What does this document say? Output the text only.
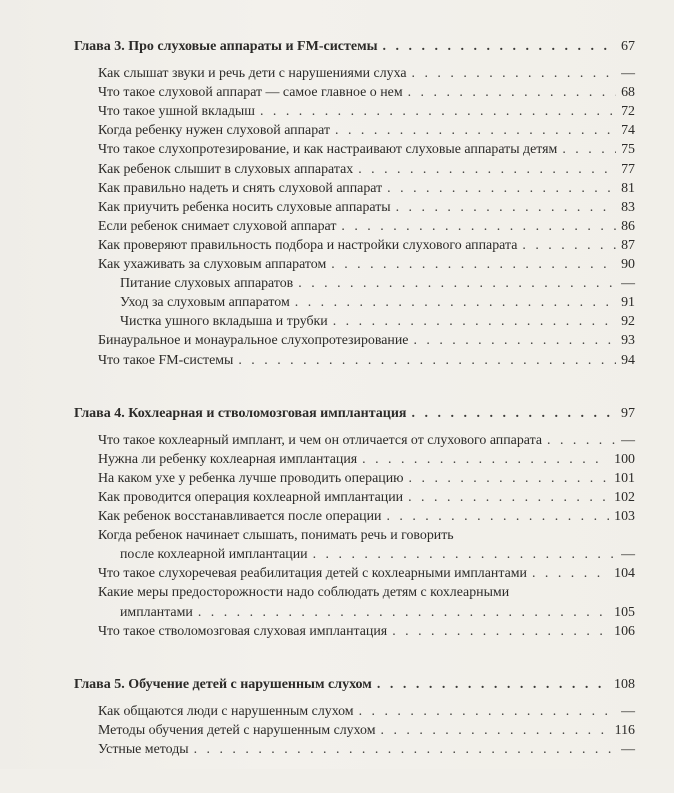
Глава 3. Про слуховые аппараты и FM-системы . . .	67
Как слышат звуки и речь дети с нарушениями слуха . . .	—
Что такое слуховой аппарат — самое главное о нем . . .	68
Что такое ушной вкладыш . . .	72
Когда ребенку нужен слуховой аппарат . . .	74
Что такое слухопротезирование, и как настраивают слуховые аппараты детям . . .	75
Как ребенок слышит в слуховых аппаратах . . .	77
Как правильно надеть и снять слуховой аппарат . . .	81
Как приучить ребенка носить слуховые аппараты . . .	83
Если ребенок снимает слуховой аппарат . . .	86
Как проверяют правильность подбора и настройки слухового аппарата . . .	87
Как ухаживать за слуховым аппаратом . . .	90
Питание слуховых аппаратов . . .	—
Уход за слуховым аппаратом . . .	91
Чистка ушного вкладыша и трубки . . .	92
Бинауральное и монауральное слухопротезирование . . .	93
Что такое FM-системы . . .	94
Глава 4. Кохлеарная и стволомозговая имплантация . . .	97
Что такое кохлеарный имплант, и чем он отличается от слухового аппарата . . .	—
Нужна ли ребенку кохлеарная имплантация . . .	100
На каком ухе у ребенка лучше проводить операцию . . .	101
Как проводится операция кохлеарной имплантации . . .	102
Как ребенок восстанавливается после операции . . .	103
Когда ребенок начинает слышать, понимать речь и говорить
после кохлеарной имплантации . . .	—
Что такое слухоречевая реабилитация детей с кохлеарными имплантами . . .	104
Какие меры предосторожности надо соблюдать детям с кохлеарными
имплантами . . .	105
Что такое стволомозговая слуховая имплантация . . .	106
Глава 5. Обучение детей с нарушенным слухом . . .	108
Как общаются люди с нарушенным слухом . . .	—
Методы обучения детей с нарушенным слухом . . .	116
Устные методы . . .	—
